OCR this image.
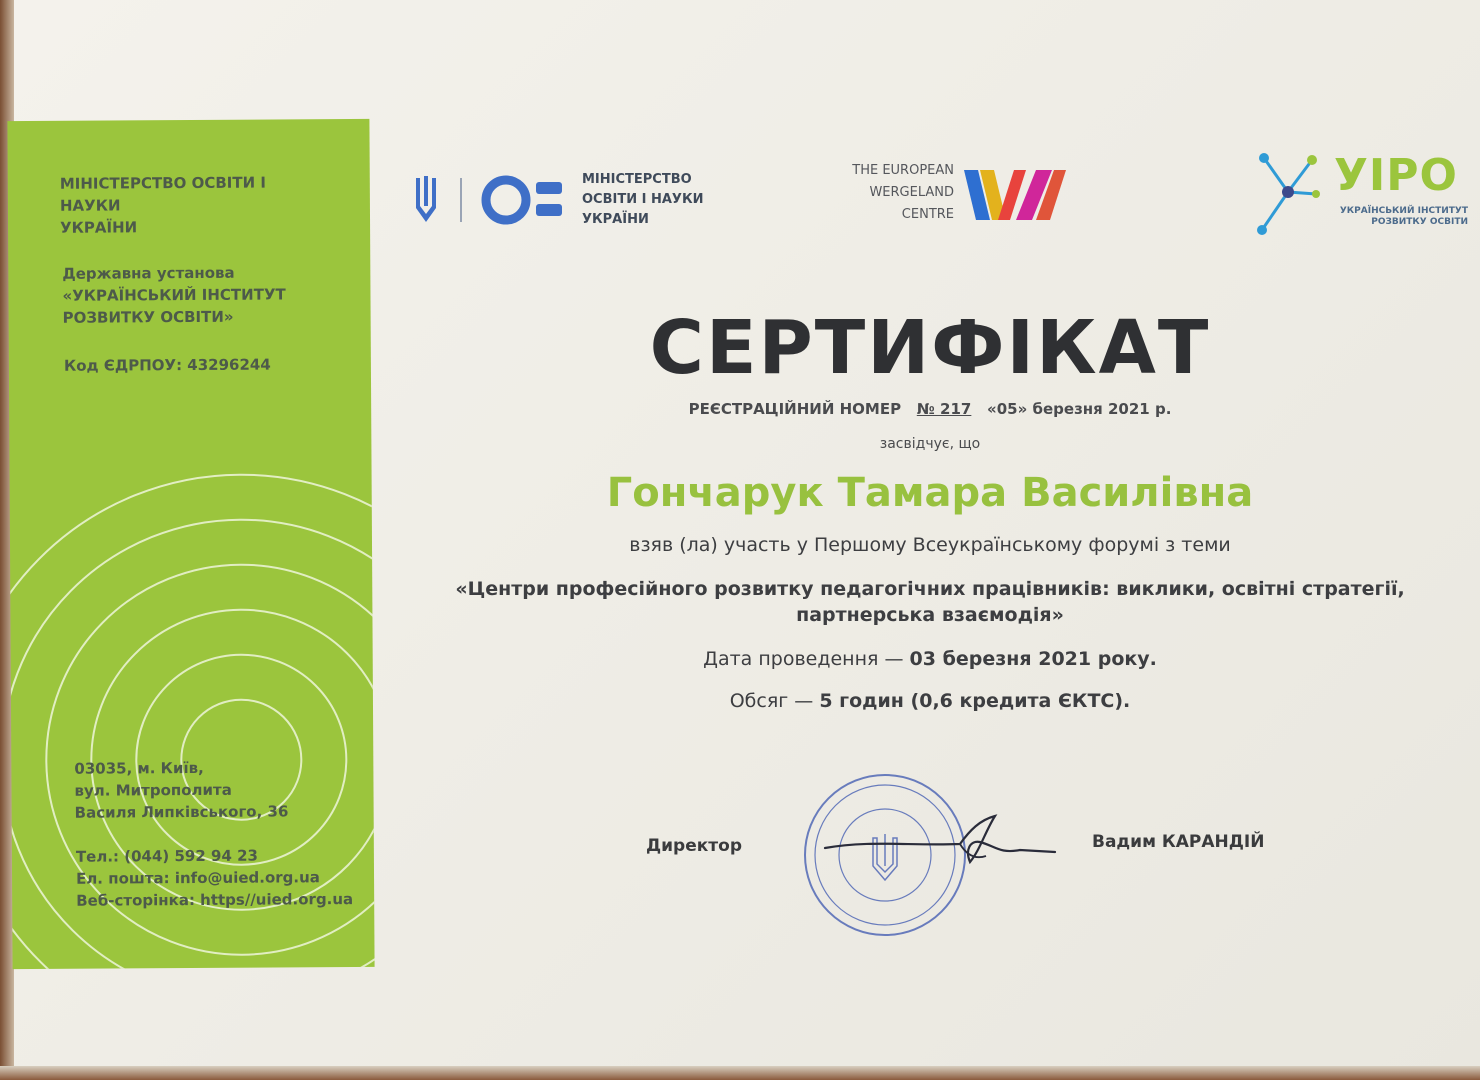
МІНІСТЕРСТВО ОСВІТИ І
НАУКИ
УКРАЇНИ
Державна установа
«УКРАЇНСЬКИЙ ІНСТИТУТ
РОЗВИТКУ ОСВІТИ»
Код ЄДРПОУ: 43296244
03035, м. Київ,
вул. Митрополита
Василя Липківського, 36
Тел.: (044) 592 94 23
Ел. пошта: info@uied.org.ua
Веб-сторінка: https//uied.org.ua
МІНІСТЕРСТВО
ОСВІТИ І НАУКИ
УКРАЇНИ
THE EUROPEAN
WERGELAND
CENTRE
УІРО
УКРАЇНСЬКИЙ ІНСТИТУТ
РОЗВИТКУ ОСВІТИ
СЕРТИФІКАТ
РЕЄСТРАЦІЙНИЙ НОМЕР № 217 «05» березня 2021 р.
засвідчує, що
Гончарук Тамара Василівна
взяв (ла) участь у Першому Всеукраїнському форумі з теми
«Центри професійного розвитку педагогічних працівників: виклики, освітні стратегії,
партнерська взаємодія»
Дата проведення — 03 березня 2021 року.
Обсяг — 5 годин (0,6 кредита ЄКТС).
Директор	Вадим КАРАНДІЙ
